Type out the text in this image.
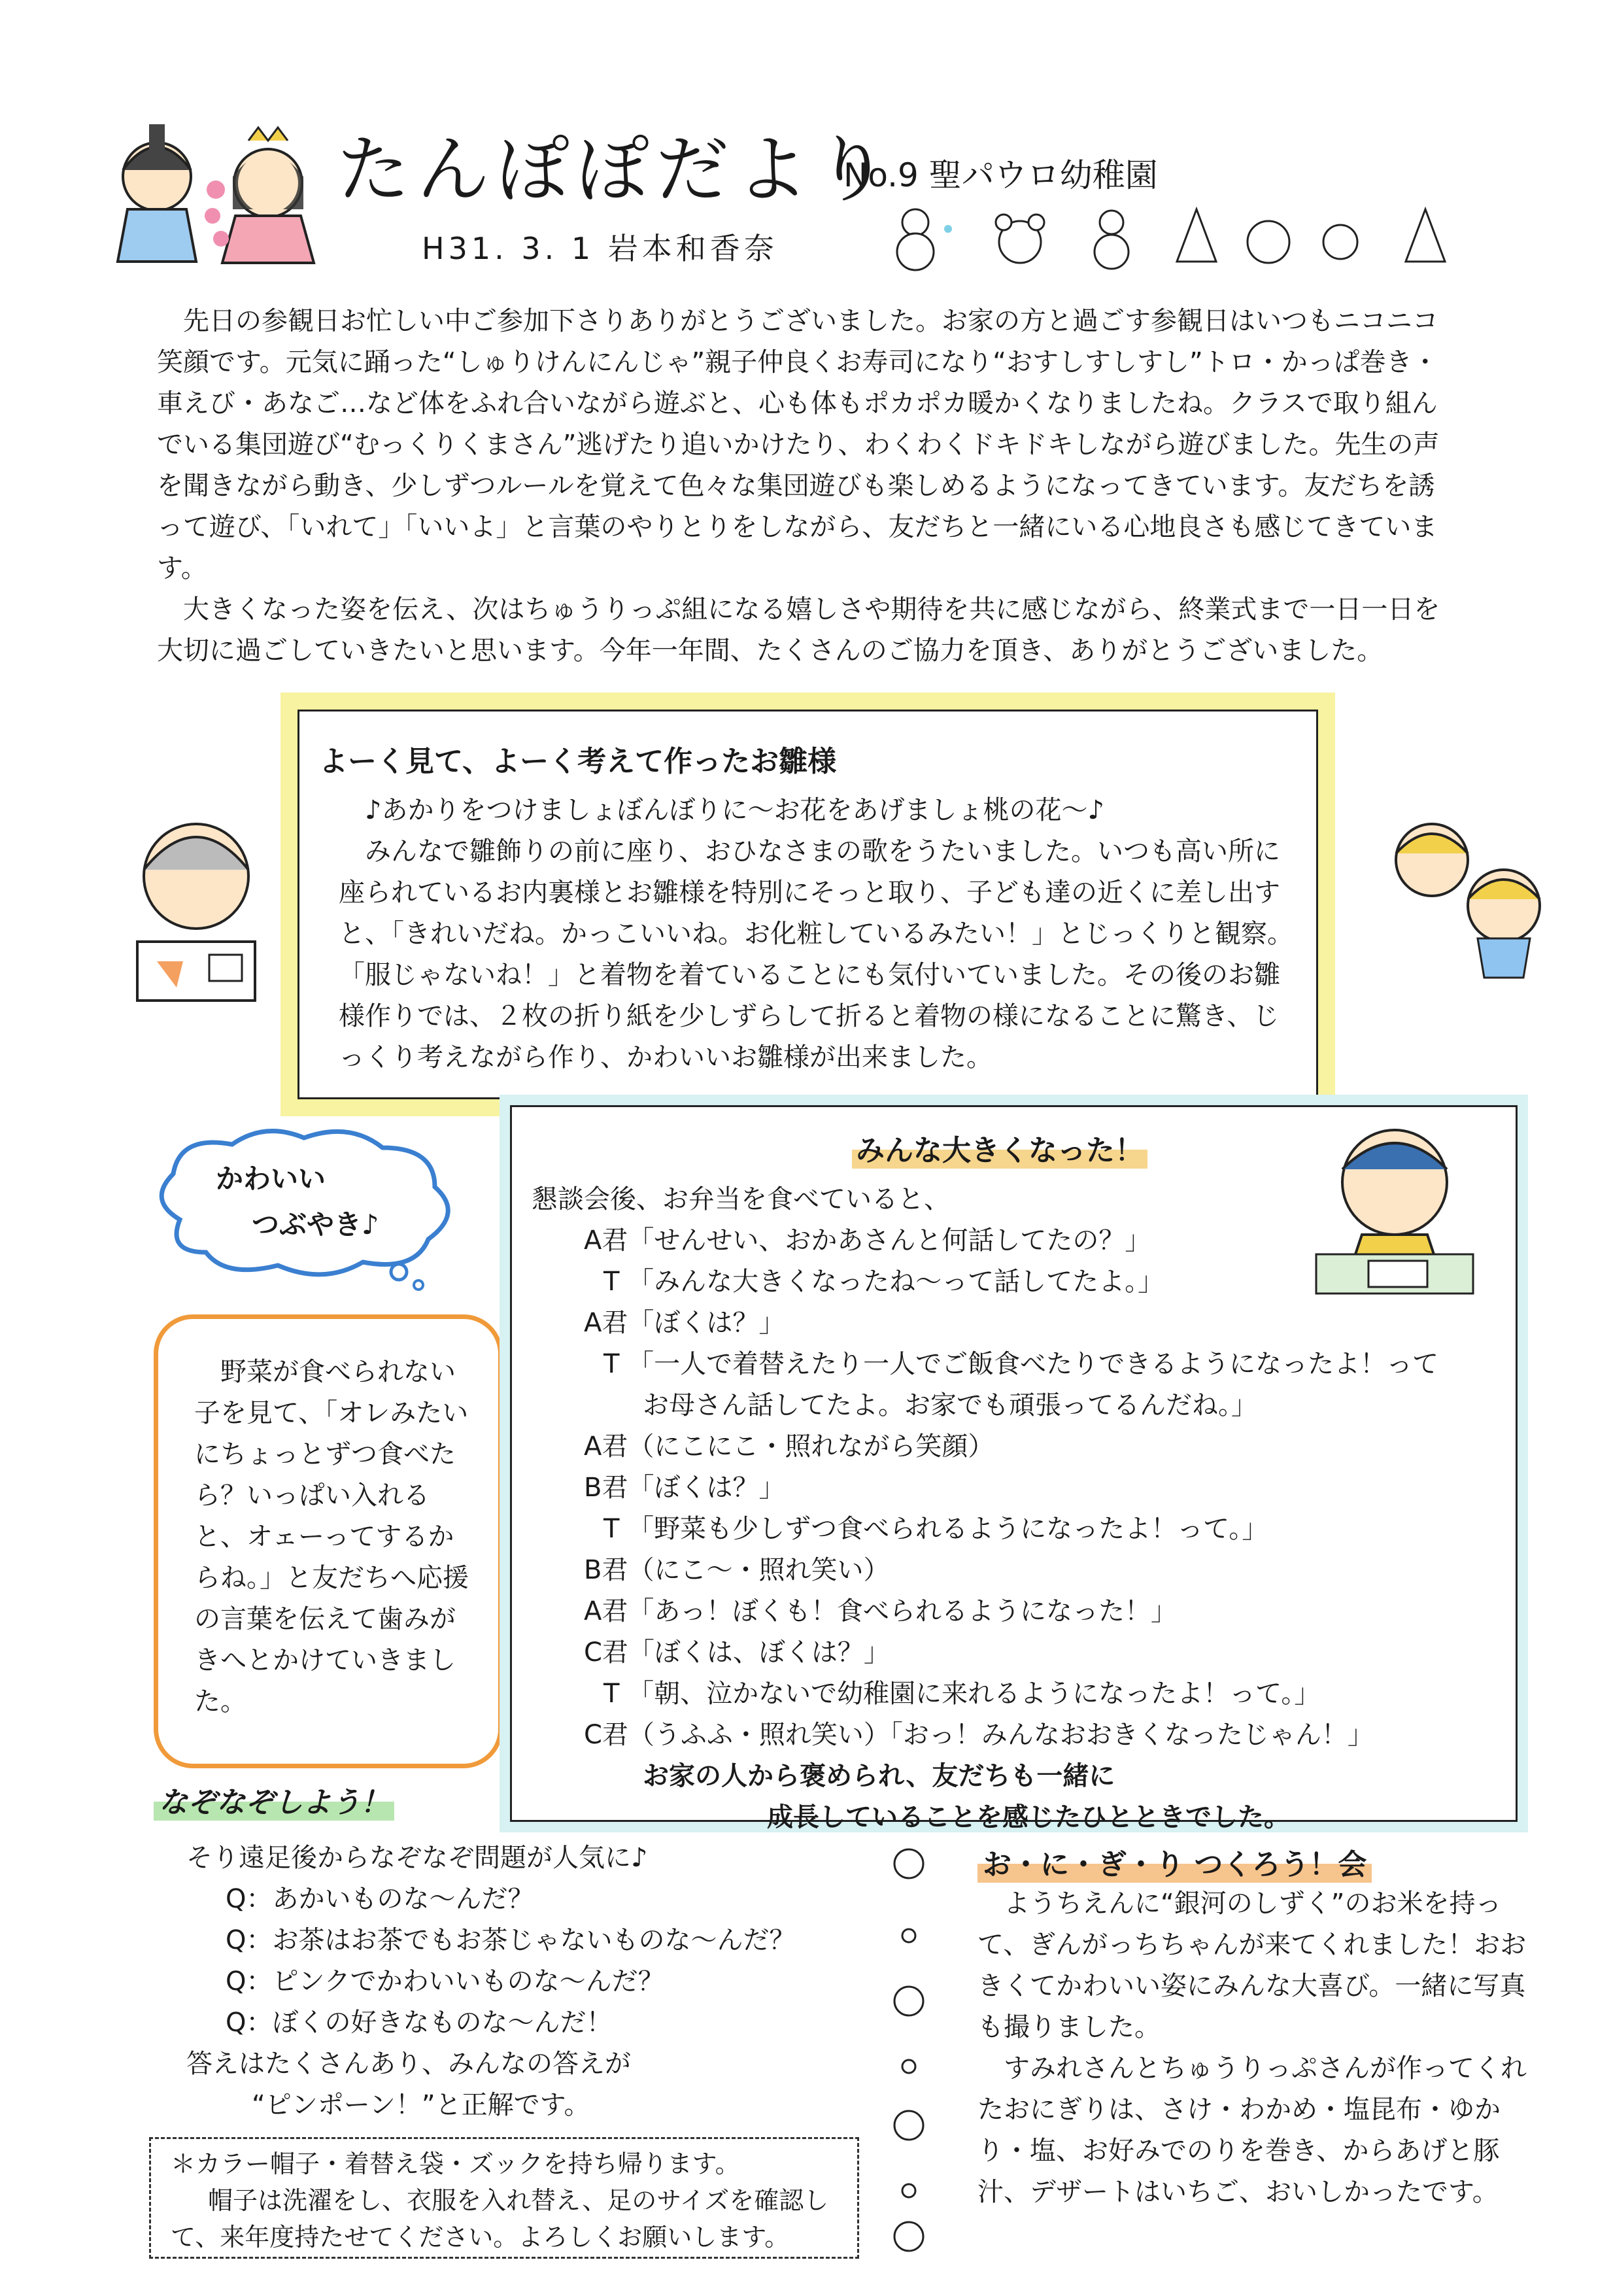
たんぽぽだより
No.9 聖パウロ幼稚園
H31. 3. 1 岩本和香奈

先日の参観日お忙しい中ご参加下さりありがとうございました。お家の方と過ごす参観日はいつもニコニコ笑顔です。元気に踊った“しゅりけんにんじゃ”親子仲良くお寿司になり“おすしすしすし”トロ・かっぱ巻き・車えび・あなご…など体をふれ合いながら遊ぶと、心も体もポカポカ暖かくなりましたね。クラスで取り組んでいる集団遊び“むっくりくまさん”逃げたり追いかけたり、わくわくドキドキしながら遊びました。先生の声を聞きながら動き、少しずつルールを覚えて色々な集団遊びも楽しめるようになってきています。友だちを誘って遊び、「いれて」「いいよ」と言葉のやりとりをしながら、友だちと一緒にいる心地良さも感じてきています。

大きくなった姿を伝え、次はちゅうりっぷ組になる嬉しさや期待を共に感じながら、終業式まで一日一日を大切に過ごしていきたいと思います。今年一年間、たくさんのご協力を頂き、ありがとうございました。

よーく見て、よーく考えて作ったお雛様

♪あかりをつけましょぼんぼりに～お花をあげましょ桃の花～♪

みんなで雛飾りの前に座り、おひなさまの歌をうたいました。いつも高い所に座られているお内裏様とお雛様を特別にそっと取り、子ども達の近くに差し出すと、「きれいだね。かっこいいね。お化粧しているみたい！」とじっくりと観察。「服じゃないね！」と着物を着ていることにも気付いていました。その後のお雛様作りでは、２枚の折り紙を少しずらして折ると着物の様になることに驚き、じっくり考えながら作り、かわいいお雛様が出来ました。

かわいい
つぶやき♪

野菜が食べられない子を見て、「オレみたいにちょっとずつ食べたら？いっぱい入れると、オェーってするからね。」と友だちへ応援の言葉を伝えて歯みがきへとかけていきました。

みんな大きくなった！
懇談会後、お弁当を食べていると、
A君「せんせい、おかあさんと何話してたの？」
T 「みんな大きくなったね～って話してたよ。」
A君「ぼくは？」
T 「一人で着替えたり一人でご飯食べたりできるようになったよ！って
お母さん話してたよ。お家でも頑張ってるんだね。」
A君（にこにこ・照れながら笑顔）
B君「ぼくは？」
T 「野菜も少しずつ食べられるようになったよ！って。」
B君（にこ～・照れ笑い）
A君「あっ！ぼくも！食べられるようになった！」
C君「ぼくは、ぼくは？」
T 「朝、泣かないで幼稚園に来れるようになったよ！って。」
C君（うふふ・照れ笑い）「おっ！みんなおおきくなったじゃん！」
お家の人から褒められ、友だちも一緒に
成長していることを感じたひとときでした。
なぞなぞしよう！
そり遠足後からなぞなぞ問題が人気に♪
Q：あかいものな～んだ？
Q：お茶はお茶でもお茶じゃないものな～んだ？
Q：ピンクでかわいいものな～んだ？
Q：ぼくの好きなものな～んだ！
答えはたくさんあり、みんなの答えが
“ピンポーン！”と正解です。
＊カラー帽子・着替え袋・ズックを持ち帰ります。
帽子は洗濯をし、衣服を入れ替え、足のサイズを確認して、来年度持たせてください。よろしくお願いします。
お・に・ぎ・り つくろう！会

ようちえんに“銀河のしずく”のお米を持って、ぎんがっちちゃんが来てくれました！おおきくてかわいい姿にみんな大喜び。一緒に写真も撮りました。

すみれさんとちゅうりっぷさんが作ってくれたおにぎりは、さけ・わかめ・塩昆布・ゆかり・塩、お好みでのりを巻き、からあげと豚汁、デザートはいちご、おいしかったです。
